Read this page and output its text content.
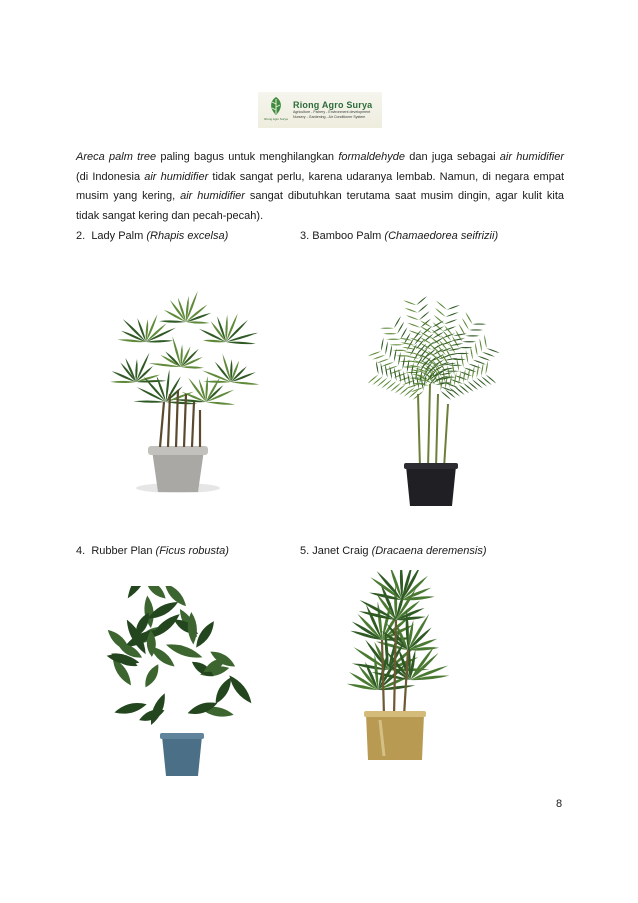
Riong Agro Surya
Riong Agro Surya
Agriculture - Fishery - Environment development
Nursery - Gardening - Air Conditioner System
Areca palm tree paling bagus untuk menghilangkan formaldehyde dan juga sebagai air humidifier (di Indonesia air humidifier tidak sangat perlu, karena udaranya lembab. Namun, di negara empat musim yang kering, air humidifier sangat dibutuhkan terutama saat musim dingin, agar kulit kita tidak sangat kering dan pecah-pecah).
2. Lady Palm (Rhapis excelsa)	3. Bamboo Palm (Chamaedorea seifrizii)
4. Rubber Plan (Ficus robusta)	5. Janet Craig (Dracaena deremensis)
8
